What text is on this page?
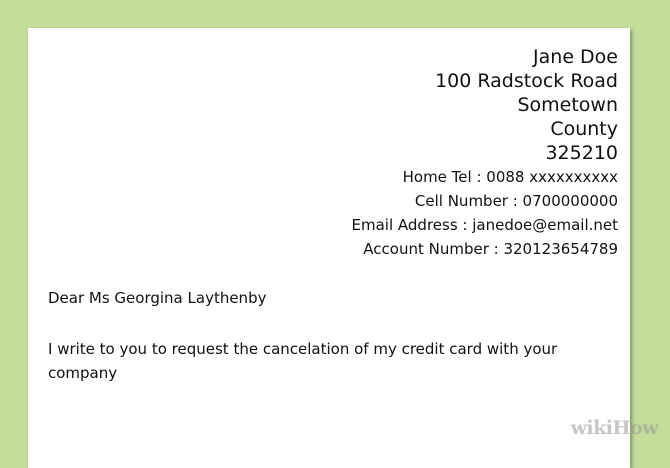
Jane Doe
100 Radstock Road
Sometown
County
325210
Home Tel : 0088 xxxxxxxxxx
Cell Number : 0700000000
Email Address : janedoe@email.net
Account Number : 320123654789
Dear Ms Georgina Laythenby
I write to you to request the cancelation of my credit card with your company
wikiHow
